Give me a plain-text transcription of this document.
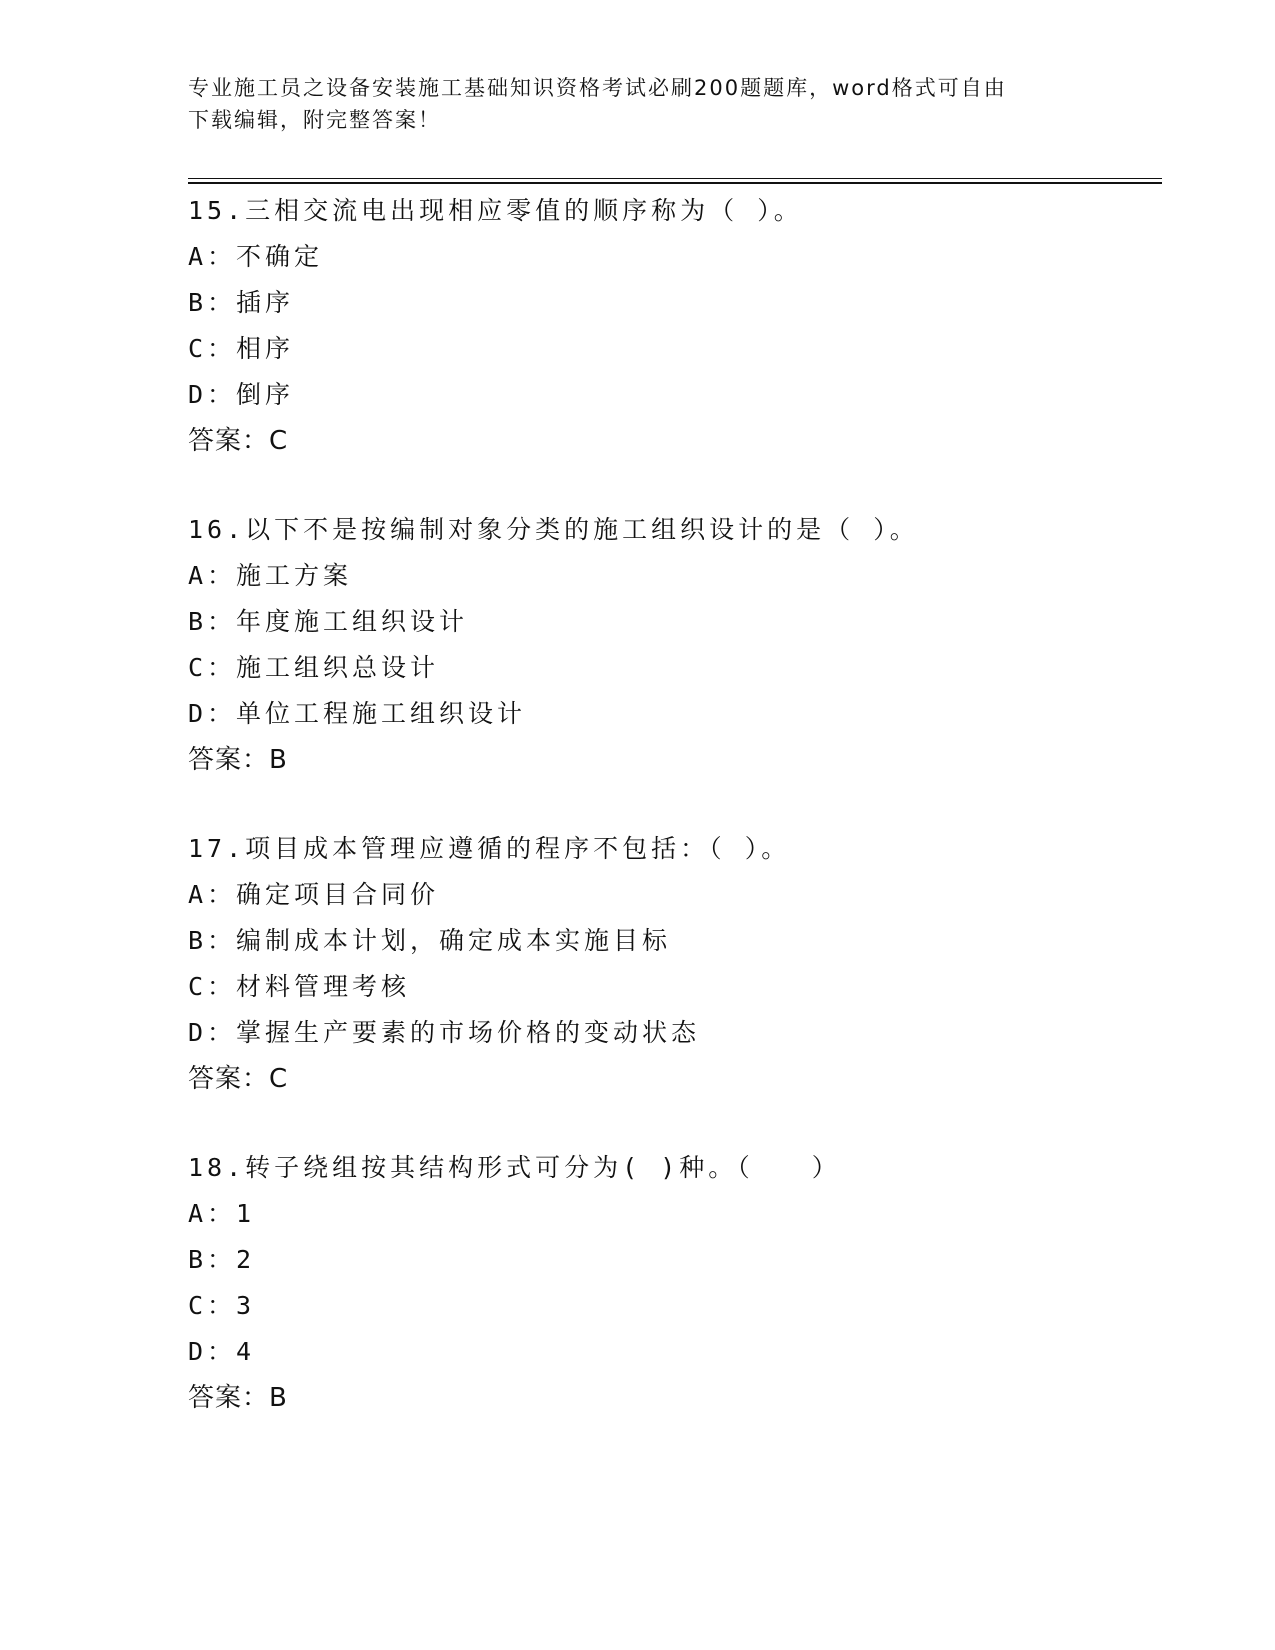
专业施工员之设备安装施工基础知识资格考试必刷200题题库，word格式可自由
下载编辑，附完整答案！
15.三相交流电出现相应零值的顺序称为（ ）。
A：不确定
B：插序
C：相序
D：倒序
答案：C
16.以下不是按编制对象分类的施工组织设计的是（ ）。
A：施工方案
B：年度施工组织设计
C：施工组织总设计
D：单位工程施工组织设计
答案：B
17.项目成本管理应遵循的程序不包括：（ ）。
A：确定项目合同价
B：编制成本计划，确定成本实施目标
C：材料管理考核
D：掌握生产要素的市场价格的变动状态
答案：C
18.转子绕组按其结构形式可分为( )种。（　　）
A：1
B：2
C：3
D：4
答案：B
